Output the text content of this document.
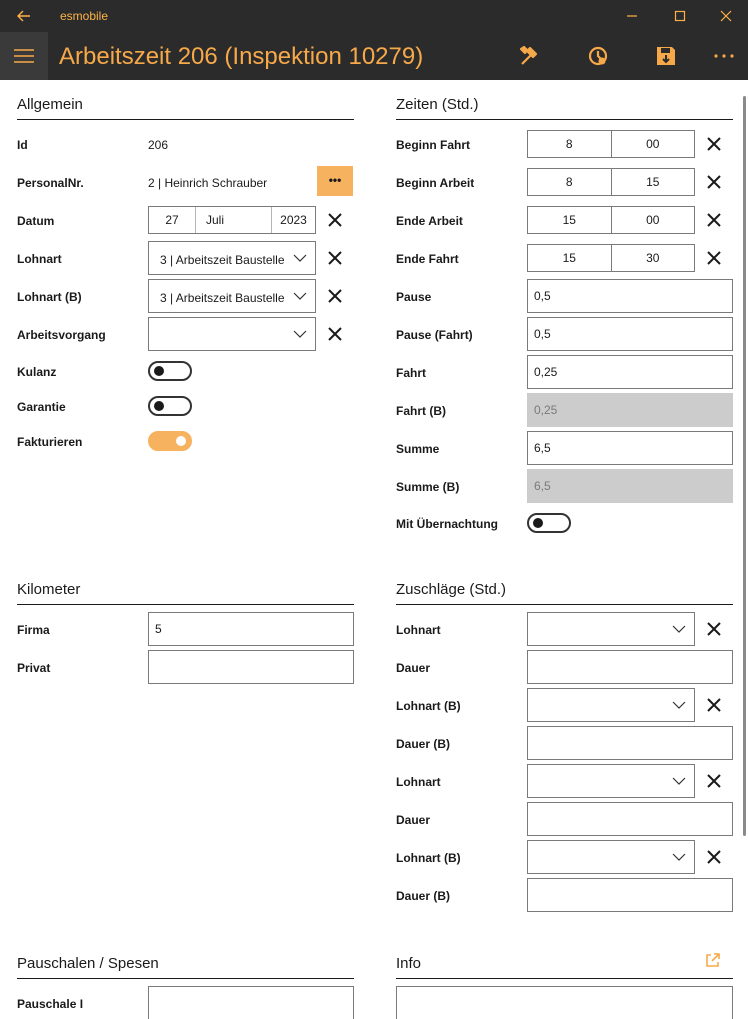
esmobile
Arbeitszeit 206 (Inspektion 10279)
Allgemein
Id	206
PersonalNr.	2 | Heinrich Schrauber	•••
Datum	27	Juli	2023
Lohnart	3 | Arbeitszeit Baustelle
Lohnart (B)	3 | Arbeitszeit Baustelle
Arbeitsvorgang
Kulanz
Garantie
Fakturieren
Zeiten (Std.)
Beginn Fahrt	8	00
Beginn Arbeit	8	15
Ende Arbeit	15	00
Ende Fahrt	15	30
Pause	0,5
Pause (Fahrt)	0,5
Fahrt	0,25
Fahrt (B)	0,25
Summe	6,5
Summe (B)	6,5
Mit Übernachtung
Kilometer
Firma	5
Privat
Zuschläge (Std.)
Lohnart
Dauer
Lohnart (B)
Dauer (B)
Lohnart
Dauer
Lohnart (B)
Dauer (B)
Pauschalen / Spesen
Pauschale I
Info
